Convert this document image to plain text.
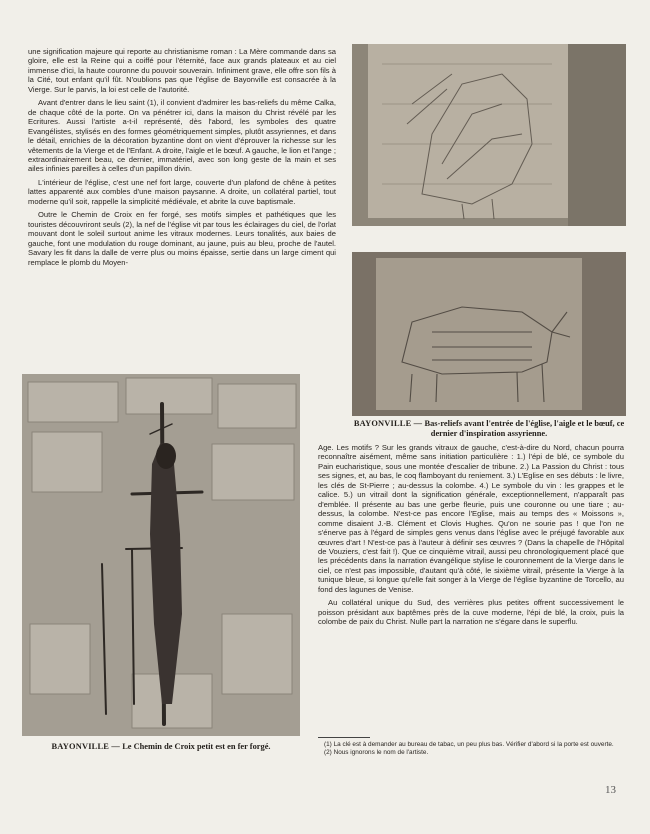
une signification majeure qui reporte au christianisme roman : La Mère commande dans sa gloire, elle est la Reine qui a coiffé pour l'éternité, face aux grands plateaux et au ciel immense d'ici, la haute couronne du pouvoir souverain. Infiniment grave, elle offre son fils à la Cité, tout enfant qu'il fût. N'oublions pas que l'église de Bayonville est consacrée à la Vierge. Sur le parvis, la loi est celle de l'autorité.

Avant d'entrer dans le lieu saint (1), il convient d'admirer les bas-reliefs du même Calka, de chaque côté de la porte. On va pénétrer ici, dans la maison du Christ révélé par les Ecritures. Aussi l'artiste a-t-il représenté, dès l'abord, les symboles des quatre Evangélistes, stylisés en des formes géométriquement simples, plutôt assyriennes, et dans le détail, enrichies de la décoration byzantine dont on vient d'éprouver la richesse sur les vêtements de la Vierge et de l'Enfant. A droite, l'aigle et le bœuf. A gauche, le lion et l'ange ; extraordinairement beau, ce dernier, immatériel, avec son long geste de la main et ses ailes infinies pareilles à celles d'un papillon divin.

L'intérieur de l'église, c'est une nef fort large, couverte d'un plafond de chêne à petites lattes apparenté aux combles d'une maison paysanne. A droite, un collatéral partiel, tout moderne qu'il soit, rappelle la simplicité médiévale, et abrite la cuve baptismale.

Outre le Chemin de Croix en fer forgé, ses motifs simples et pathétiques que les touristes découvriront seuls (2), la nef de l'église vit par tous les éclairages du ciel, de l'orlat mouvant dont le soleil surtout anime les vitraux modernes. Leurs tonalités, aux baies de gauche, font une modulation du rouge dominant, au jaune, puis au bleu, proche de l'autel. Savary les fit dans la dalle de verre plus ou moins épaisse, sertie dans un large ciment qui remplace le plomb du Moyen-

BAYONVILLE — Bas-reliefs avant l'entrée de l'église, l'aigle et le bœuf, ce dernier d'inspiration assyrienne.
BAYONVILLE — Le Chemin de Croix petit est en fer forgé.

Age. Les motifs ? Sur les grands vitraux de gauche, c'est-à-dire du Nord, chacun pourra reconnaître aisément, même sans initiation particulière : 1.) l'épi de blé, ce symbole du Pain eucharistique, sous une montée d'escalier de tribune. 2.) La Passion du Christ : tous ses signes, et, au bas, le coq flamboyant du reniement. 3.) L'Eglise en ses débuts : le livre, les clés de St-Pierre ; au-dessus la colombe. 4.) Le symbole du vin : les grappes et le calice. 5.) un vitrail dont la signification générale, exceptionnellement, n'apparaît pas d'emblée. Il présente au bas une gerbe fleurie, puis une couronne ou une tiare ; au-dessus, la colombe. N'est-ce pas encore l'Eglise, mais au temps des « Moissons », comme disaient J.-B. Clément et Clovis Hughes. Qu'on ne sourie pas ! que l'on ne s'énerve pas à l'égard de simples gens venus dans l'église avec le préjugé favorable aux œuvres d'art ! N'est-ce pas à l'auteur à définir ses œuvres ? (Dans la chapelle de l'Hôpital de Vouziers, c'est fait !). Que ce cinquième vitrail, aussi peu chronologiquement placé que les précédents dans la narration évangélique stylise le couronnement de la Vierge dans le ciel, ce n'est pas impossible, d'autant qu'à côté, le sixième vitrail, présente la Vierge à la tunique bleue, si longue qu'elle fait songer à la Vierge de l'église byzantine de Torcello, au fond des lagunes de Venise.

Au collatéral unique du Sud, des verrières plus petites offrent successivement le poisson présidant aux baptêmes près de la cuve moderne, l'épi de blé, la croix, puis la colombe de paix du Christ. Nulle part la narration ne s'égare dans le superflu.

(1) La clé est à demander au bureau de tabac, un peu plus bas. Vérifier d'abord si la porte est ouverte.

(2) Nous ignorons le nom de l'artiste.

13
